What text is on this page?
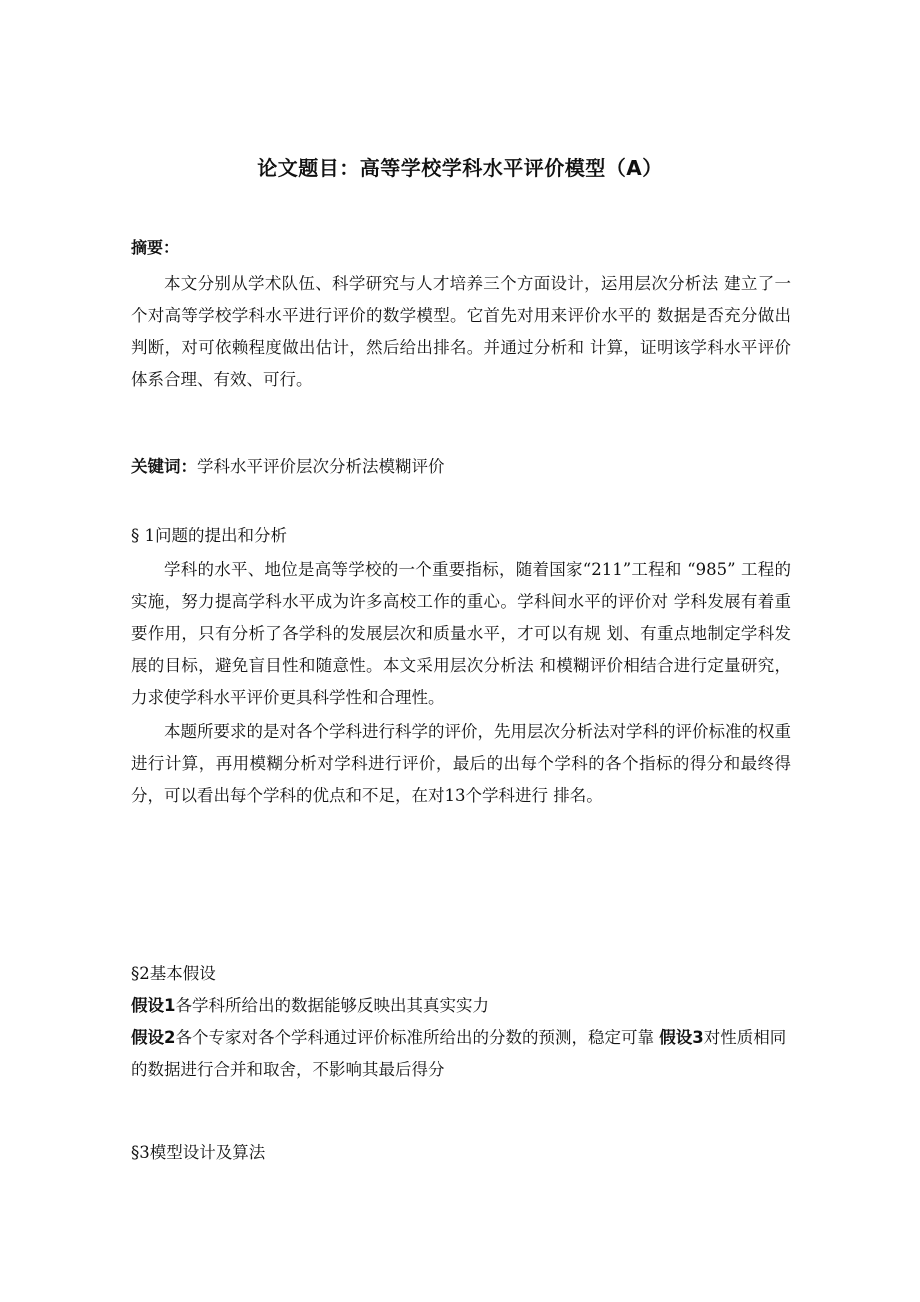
论文题目：高等学校学科水平评价模型（A）
摘要：

本文分别从学术队伍、科学研究与人才培养三个方面设计，运用层次分析法 建立了一个对高等学校学科水平进行评价的数学模型。它首先对用来评价水平的 数据是否充分做出判断，对可依赖程度做出估计，然后给出排名。并通过分析和 计算，证明该学科水平评价体系合理、有效、可行。

关键词：学科水平评价层次分析法模糊评价
§ 1问题的提出和分析

学科的水平、地位是高等学校的一个重要指标，随着国家“211”工程和 “985” 工程的实施，努力提高学科水平成为许多高校工作的重心。学科间水平的评价对 学科发展有着重要作用，只有分析了各学科的发展层次和质量水平，才可以有规 划、有重点地制定学科发展的目标，避免盲目性和随意性。本文采用层次分析法 和模糊评价相结合进行定量研究，力求使学科水平评价更具科学性和合理性。

本题所要求的是对各个学科进行科学的评价，先用层次分析法对学科的评价标准的权重进行计算，再用模糊分析对学科进行评价，最后的出每个学科的各个指标的得分和最终得分，可以看出每个学科的优点和不足，在对13个学科进行 排名。

§2基本假设
假设1各学科所给出的数据能够反映出其真实实力
假设2各个专家对各个学科通过评价标准所给出的分数的预测，稳定可靠 假设3对性质相同的数据进行合并和取舍，不影响其最后得分
§3模型设计及算法
